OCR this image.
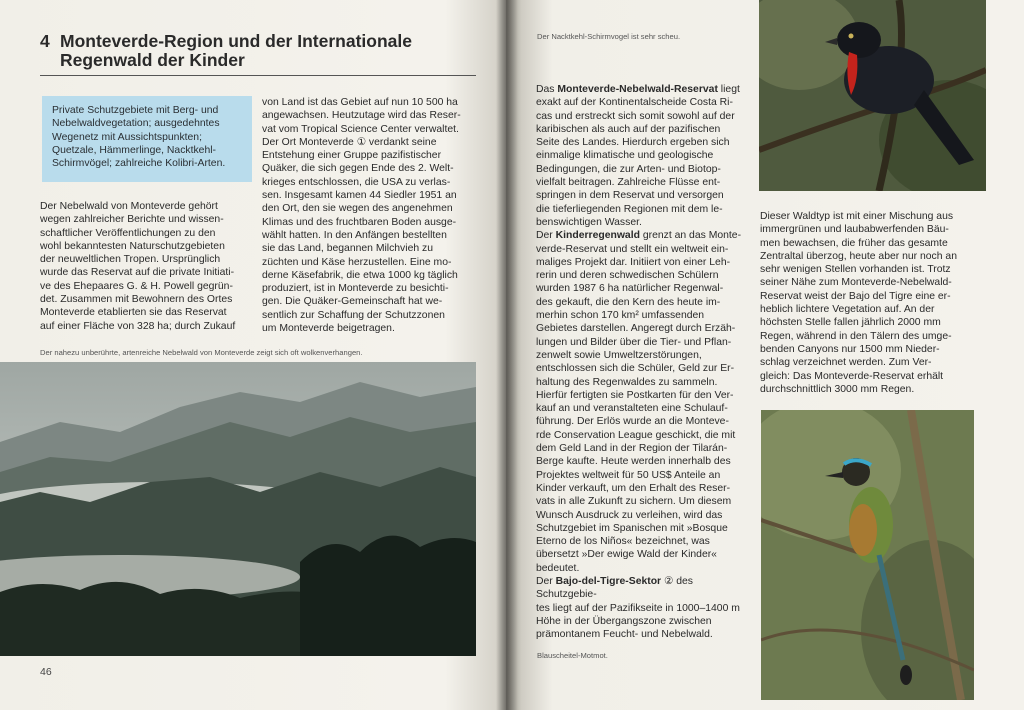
4 Monteverde-Region und der Internationale
Regenwald der Kinder
Private Schutzgebiete mit Berg- und
Nebelwaldvegetation; ausgedehntes
Wegenetz mit Aussichtspunkten;
Quetzale, Hämmerlinge, Nacktkehl-
Schirmvögel; zahlreiche Kolibri-Arten.
Der Nebelwald von Monteverde gehört
wegen zahlreicher Berichte und wissen-
schaftlicher Veröffentlichungen zu den
wohl bekanntesten Naturschutzgebieten
der neuweltlichen Tropen. Ursprünglich
wurde das Reservat auf die private Initiati-
ve des Ehepaares G. & H. Powell gegrün-
det. Zusammen mit Bewohnern des Ortes
Monteverde etablierten sie das Reservat
auf einer Fläche von 328 ha; durch Zukauf
von Land ist das Gebiet auf nun 10 500 ha
angewachsen. Heutzutage wird das Reser-
vat vom Tropical Science Center verwaltet.
Der Ort Monteverde ① verdankt seine
Entstehung einer Gruppe pazifistischer
Quäker, die sich gegen Ende des 2. Welt-
krieges entschlossen, die USA zu verlas-
sen. Insgesamt kamen 44 Siedler 1951 an
den Ort, den sie wegen des angenehmen
Klimas und des fruchtbaren Boden ausge-
wählt hatten. In den Anfängen bestellten
sie das Land, begannen Milchvieh zu
züchten und Käse herzustellen. Eine mo-
derne Käsefabrik, die etwa 1000 kg täglich
produziert, ist in Monteverde zu besichti-
gen. Die Quäker-Gemeinschaft hat we-
sentlich zur Schaffung der Schutzzonen
um Monteverde beigetragen.
Der nahezu unberührte, artenreiche Nebelwald von Monteverde zeigt sich oft wolkenverhangen.
46
Der Nacktkehl-Schirmvogel ist sehr scheu.
Das Monteverde-Nebelwald-Reservat liegt
exakt auf der Kontinentalscheide Costa Ri-
cas und erstreckt sich somit sowohl auf der
karibischen als auch auf der pazifischen
Seite des Landes. Hierdurch ergeben sich
einmalige klimatische und geologische
Bedingungen, die zur Arten- und Biotop-
vielfalt beitragen. Zahlreiche Flüsse ent-
springen in dem Reservat und versorgen
die tieferliegenden Regionen mit dem le-
benswichtigen Wasser.
Der Kinderregenwald grenzt an das Monte-
verde-Reservat und stellt ein weltweit ein-
maliges Projekt dar. Initiiert von einer Leh-
rerin und deren schwedischen Schülern
wurden 1987 6 ha natürlicher Regenwal-
des gekauft, die den Kern des heute im-
merhin schon 170 km² umfassenden
Gebietes darstellen. Angeregt durch Erzäh-
lungen und Bilder über die Tier- und Pflan-
zenwelt sowie Umweltzerstörungen,
entschlossen sich die Schüler, Geld zur Er-
haltung des Regenwaldes zu sammeln.
Hierfür fertigten sie Postkarten für den Ver-
kauf an und veranstalteten eine Schulauf-
führung. Der Erlös wurde an die Monteve-
rde Conservation League geschickt, die mit
dem Geld Land in der Region der Tilarán-
Berge kaufte. Heute werden innerhalb des
Projektes weltweit für 50 US$ Anteile an
Kinder verkauft, um den Erhalt des Reser-
vats in alle Zukunft zu sichern. Um diesem
Wunsch Ausdruck zu verleihen, wird das
Schutzgebiet im Spanischen mit »Bosque
Eterno de los Niños« bezeichnet, was
übersetzt »Der ewige Wald der Kinder«
bedeutet.
Der Bajo-del-Tigre-Sektor ② des Schutzgebie-
tes liegt auf der Pazifikseite in 1000–1400 m
Höhe in der Übergangszone zwischen
prämontanem Feucht- und Nebelwald.
Dieser Waldtyp ist mit einer Mischung aus
immergrünen und laubabwerfenden Bäu-
men bewachsen, die früher das gesamte
Zentraltal überzog, heute aber nur noch an
sehr wenigen Stellen vorhanden ist. Trotz
seiner Nähe zum Monteverde-Nebelwald-
Reservat weist der Bajo del Tigre eine er-
heblich lichtere Vegetation auf. An der
höchsten Stelle fallen jährlich 2000 mm
Regen, während in den Tälern des umge-
benden Canyons nur 1500 mm Nieder-
schlag verzeichnet werden. Zum Ver-
gleich: Das Monteverde-Reservat erhält
durchschnittlich 3000 mm Regen.
Blauscheitel-Motmot.
